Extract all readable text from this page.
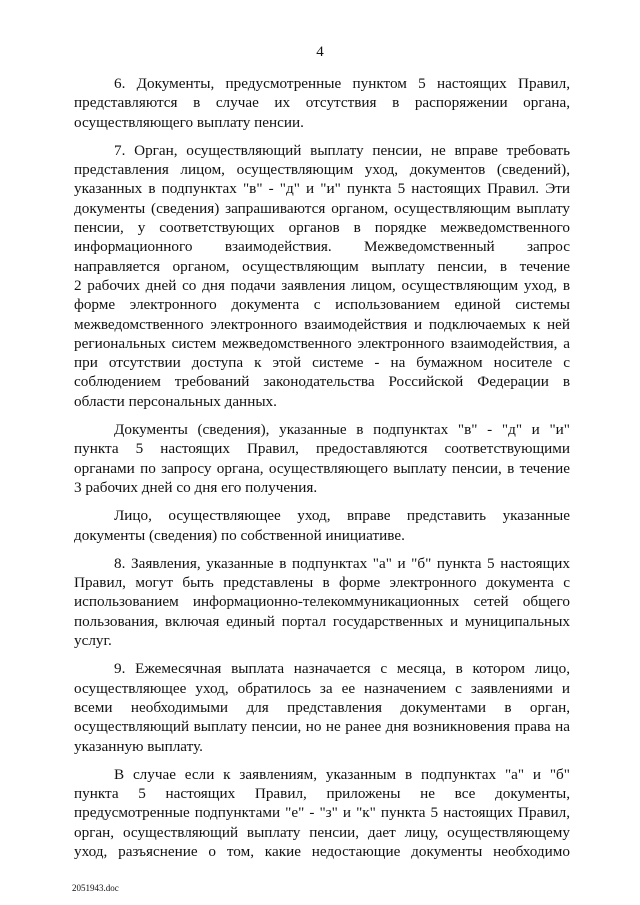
4
6. Документы, предусмотренные пунктом 5 настоящих Правил,
представляются в случае их отсутствия в распоряжении органа,
осуществляющего выплату пенсии.
7. Орган, осуществляющий выплату пенсии, не вправе требовать
представления лицом, осуществляющим уход, документов (сведений),
указанных в подпунктах "в" - "д" и "и" пункта 5 настоящих Правил. Эти
документы (сведения) запрашиваются органом, осуществляющим выплату
пенсии, у соответствующих органов в порядке межведомственного
информационного взаимодействия. Межведомственный запрос
направляется органом, осуществляющим выплату пенсии, в течение
2 рабочих дней со дня подачи заявления лицом, осуществляющим уход, в
форме электронного документа с использованием единой системы
межведомственного электронного взаимодействия и подключаемых к ней
региональных систем межведомственного электронного взаимодействия, а
при отсутствии доступа к этой системе - на бумажном носителе с
соблюдением требований законодательства Российской Федерации в
области персональных данных.
Документы (сведения), указанные в подпунктах "в" - "д" и "и"
пункта 5 настоящих Правил, предоставляются соответствующими
органами по запросу органа, осуществляющего выплату пенсии, в течение
3 рабочих дней со дня его получения.
Лицо, осуществляющее уход, вправе представить указанные
документы (сведения) по собственной инициативе.
8. Заявления, указанные в подпунктах "а" и "б" пункта 5 настоящих
Правил, могут быть представлены в форме электронного документа с
использованием информационно-телекоммуникационных сетей общего
пользования, включая единый портал государственных и муниципальных
услуг.
9. Ежемесячная выплата назначается с месяца, в котором лицо,
осуществляющее уход, обратилось за ее назначением с заявлениями и
всеми необходимыми для представления документами в орган,
осуществляющий выплату пенсии, но не ранее дня возникновения права на
указанную выплату.
В случае если к заявлениям, указанным в подпунктах "а" и "б"
пункта 5 настоящих Правил, приложены не все документы,
предусмотренные подпунктами "е" - "з" и "к" пункта 5 настоящих Правил,
орган, осуществляющий выплату пенсии, дает лицу, осуществляющему
уход, разъяснение о том, какие недостающие документы необходимо
2051943.doc
